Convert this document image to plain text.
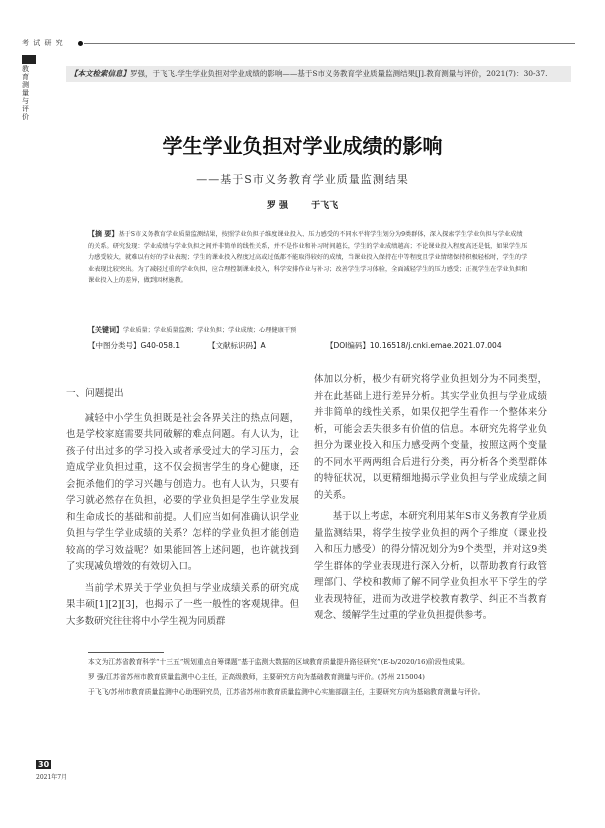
考 试 研 究
教育测量与评价
【本文检索信息】罗强，于飞飞.学生学业负担对学业成绩的影响——基于S市义务教育学业质量监测结果[J].教育测量与评价，2021(7)：30-37.
学生学业负担对学业成绩的影响
——基于S市义务教育学业质量监测结果
罗 强	于飞飞
【摘 要】基于S市义务教育学业质量监测结果，按照学业负担子维度课业投入、压力感受的不同水平将学生划分为9类群体，深入探索学生学业负担与学业成绩的关系。研究发现：学业成绩与学业负担之间并非简单的线性关系，并不是作业和补习时间越长，学生的学业成绩越高；不论课业投入程度高还是低，如果学生压力感受较大，就难以有好的学业表现；学生的课业投入程度过高或过低都不能取得较好的成绩，当课业投入保持在中等程度且学业情绪保持积极轻松时，学生的学业表现比较突出。为了减轻过重的学业负担，应合理控制课业投入，科学安排作业与补习；改善学生学习体验，全面减轻学生的压力感受；正视学生在学业负担和课业投入上的差异，做到因材施教。
【关键词】学业质量；学业质量监测；学业负担；学业成绩；心理健康干预
【中图分类号】G40-058.1	【文献标识码】A	【DOI编码】10.16518/j.cnki.emae.2021.07.004
一、问题提出

减轻中小学生负担既是社会各界关注的热点问题，也是学校家庭需要共同破解的难点问题。有人认为，让孩子付出过多的学习投入或者承受过大的学习压力，会造成学业负担过重，这不仅会损害学生的身心健康，还会扼杀他们的学习兴趣与创造力。也有人认为，只要有学习就必然存在负担，必要的学业负担是学生学业发展和生命成长的基础和前提。人们应当如何准确认识学业负担与学生学业成绩的关系？怎样的学业负担才能创造较高的学习效益呢？如果能回答上述问题，也许就找到了实现减负增效的有效切入口。

当前学术界关于学业负担与学业成绩关系的研究成果丰硕[1][2][3]，也揭示了一些一般性的客观规律。但大多数研究往往将中小学生视为同质群

体加以分析，极少有研究将学业负担划分为不同类型，并在此基础上进行差异分析。其实学业负担与学业成绩并非简单的线性关系，如果仅把学生看作一个整体来分析，可能会丢失很多有价值的信息。本研究先将学业负担分为课业投入和压力感受两个变量，按照这两个变量的不同水平两两组合后进行分类，再分析各个类型群体的特征状况，以更精细地揭示学业负担与学业成绩之间的关系。

基于以上考虑，本研究利用某年S市义务教育学业质量监测结果，将学生按学业负担的两个子维度（课业投入和压力感受）的得分情况划分为9个类型，并对这9类学生群体的学业表现进行深入分析，以帮助教育行政管理部门、学校和教师了解不同学业负担水平下学生的学业表现特征，进而为改进学校教育教学、纠正不当教育观念、缓解学生过重的学业负担提供参考。

本文为江苏省教育科学“十三五”规划重点自筹课题“基于监测大数据的区域教育质量提升路径研究”(E-b/2020/16)阶段性成果。

罗 强/江苏省苏州市教育质量监测中心主任，正高级教师，主要研究方向为基础教育测量与评价。(苏州 215004)

于飞飞/苏州市教育质量监测中心助理研究员，江苏省苏州市教育质量监测中心实施部副主任，主要研究方向为基础教育测量与评价。

30
2021年7月
